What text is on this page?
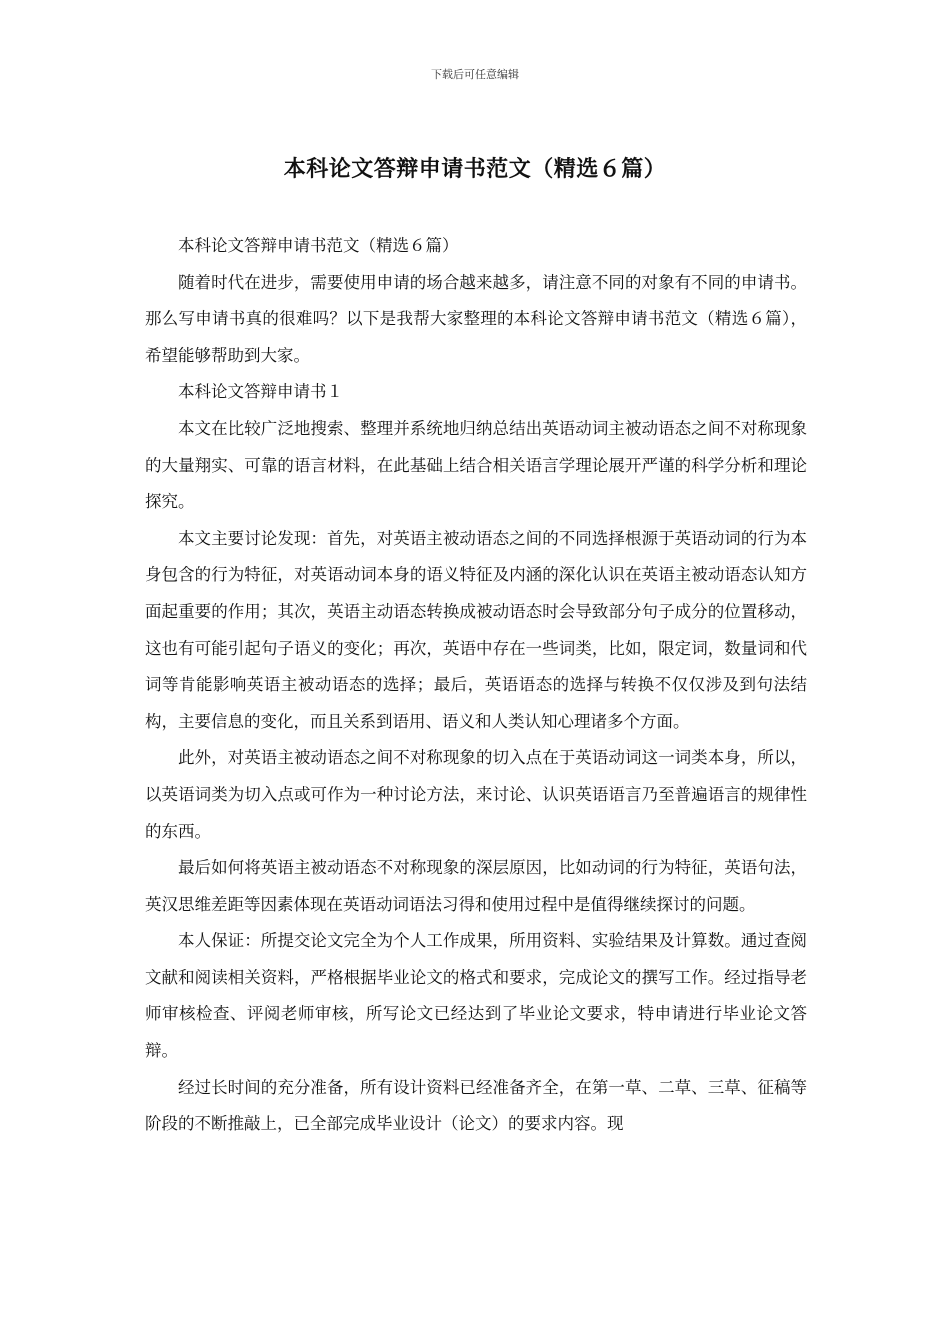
下载后可任意编辑
本科论文答辩申请书范文（精选６篇）

本科论文答辩申请书范文（精选６篇）

随着时代在进步，需要使用申请的场合越来越多，请注意不同的对象有不同的申请书。那么写申请书真的很难吗？以下是我帮大家整理的本科论文答辩申请书范文（精选６篇），希望能够帮助到大家。

本科论文答辩申请书１

本文在比较广泛地搜索、整理并系统地归纳总结出英语动词主被动语态之间不对称现象的大量翔实、可靠的语言材料，在此基础上结合相关语言学理论展开严谨的科学分析和理论探究。

本文主要讨论发现：首先，对英语主被动语态之间的不同选择根源于英语动词的行为本身包含的行为特征，对英语动词本身的语义特征及内涵的深化认识在英语主被动语态认知方面起重要的作用；其次，英语主动语态转换成被动语态时会导致部分句子成分的位置移动，这也有可能引起句子语义的变化；再次，英语中存在一些词类，比如，限定词，数量词和代词等肯能影响英语主被动语态的选择；最后，英语语态的选择与转换不仅仅涉及到句法结构，主要信息的变化，而且关系到语用、语义和人类认知心理诸多个方面。

此外，对英语主被动语态之间不对称现象的切入点在于英语动词这一词类本身，所以，以英语词类为切入点或可作为一种讨论方法，来讨论、认识英语语言乃至普遍语言的规律性的东西。

最后如何将英语主被动语态不对称现象的深层原因，比如动词的行为特征，英语句法，英汉思维差距等因素体现在英语动词语法习得和使用过程中是值得继续探讨的问题。

本人保证：所提交论文完全为个人工作成果，所用资料、实验结果及计算数。通过查阅文献和阅读相关资料，严格根据毕业论文的格式和要求，完成论文的撰写工作。经过指导老师审核检查、评阅老师审核，所写论文已经达到了毕业论文要求，特申请进行毕业论文答辩。

经过长时间的充分准备，所有设计资料已经准备齐全，在第一草、二草、三草、征稿等阶段的不断推敲上，已全部完成毕业设计（论文）的要求内容。现
